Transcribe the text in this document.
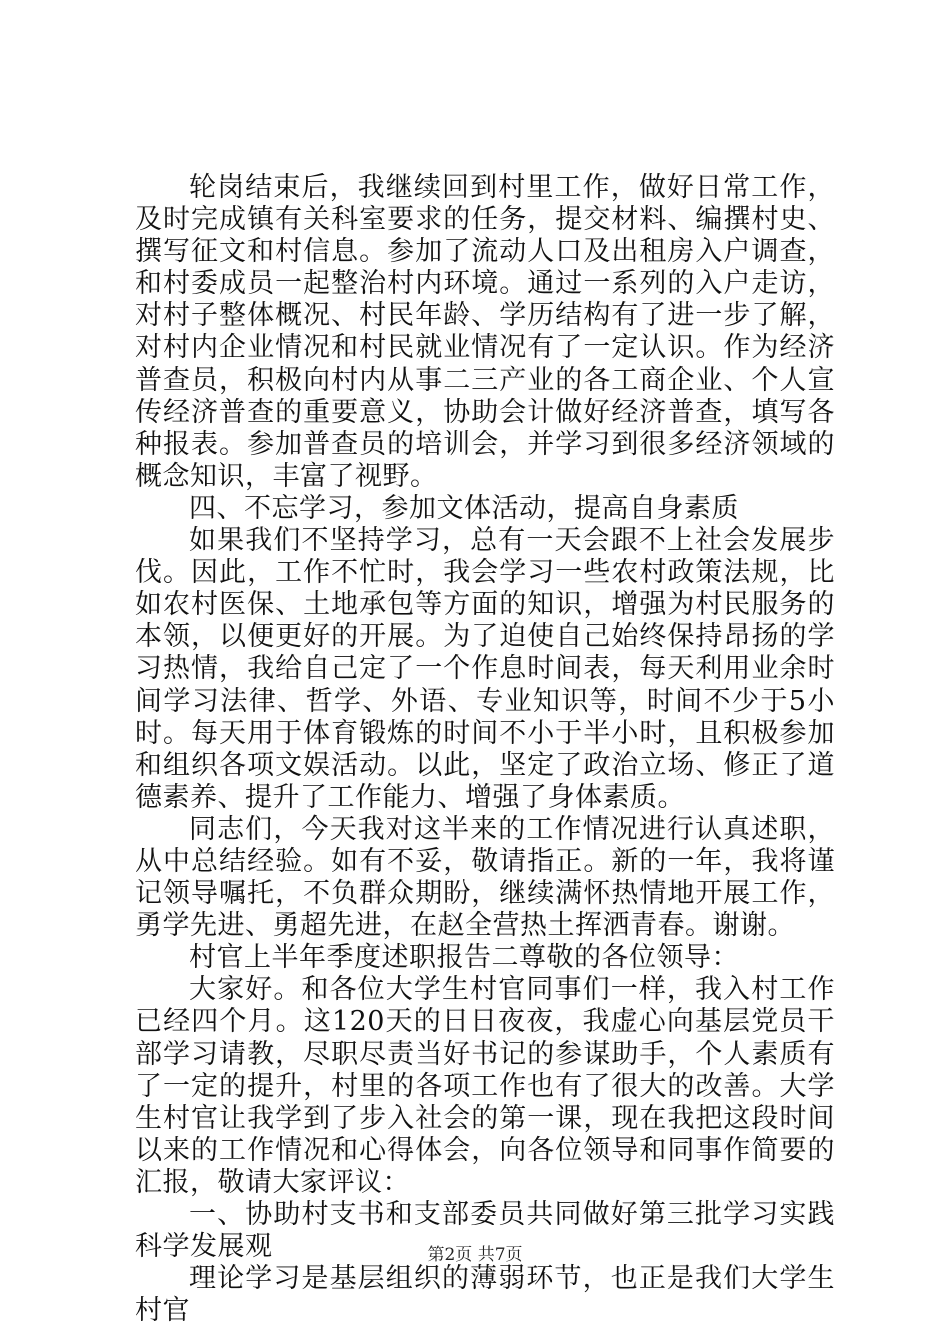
轮岗结束后，我继续回到村里工作，做好日常工作，及时完成镇有关科室要求的任务，提交材料、编撰村史、撰写征文和村信息。参加了流动人口及出租房入户调查，和村委成员一起整治村内环境。通过一系列的入户走访，对村子整体概况、村民年龄、学历结构有了进一步了解，对村内企业情况和村民就业情况有了一定认识。作为经济普查员，积极向村内从事二三产业的各工商企业、个人宣传经济普查的重要意义，协助会计做好经济普查，填写各种报表。参加普查员的培训会，并学习到很多经济领域的概念知识，丰富了视野。

四、不忘学习，参加文体活动，提高自身素质

如果我们不坚持学习，总有一天会跟不上社会发展步伐。因此，工作不忙时，我会学习一些农村政策法规，比如农村医保、土地承包等方面的知识，增强为村民服务的本领，以便更好的开展。为了迫使自己始终保持昂扬的学习热情，我给自己定了一个作息时间表，每天利用业余时间学习法律、哲学、外语、专业知识等，时间不少于5小时。每天用于体育锻炼的时间不小于半小时，且积极参加和组织各项文娱活动。以此，坚定了政治立场、修正了道德素养、提升了工作能力、增强了身体素质。

同志们，今天我对这半来的工作情况进行认真述职，从中总结经验。如有不妥，敬请指正。新的一年，我将谨记领导嘱托，不负群众期盼，继续满怀热情地开展工作，勇学先进、勇超先进，在赵全营热土挥洒青春。谢谢。

村官上半年季度述职报告二尊敬的各位领导：

大家好。和各位大学生村官同事们一样，我入村工作已经四个月。这120天的日日夜夜，我虚心向基层党员干部学习请教，尽职尽责当好书记的参谋助手，个人素质有了一定的提升，村里的各项工作也有了很大的改善。大学生村官让我学到了步入社会的第一课，现在我把这段时间以来的工作情况和心得体会，向各位领导和同事作简要的汇报，敬请大家评议：

一、协助村支书和支部委员共同做好第三批学习实践科学发展观

理论学习是基层组织的薄弱环节，也正是我们大学生村官

第2页 共7页
